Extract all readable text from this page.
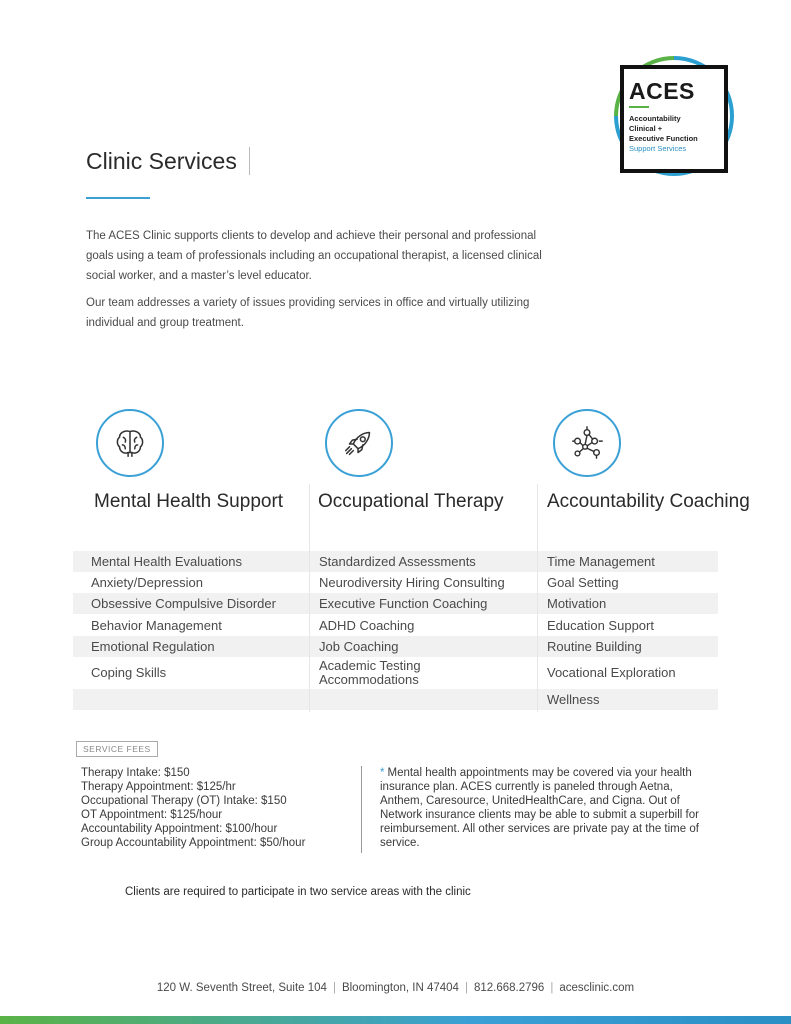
ACES
Accountability
Clinical +
Executive Function
Support Services
Clinic Services

The ACES Clinic supports clients to develop and achieve their personal and professional goals using a team of professionals including an occupational therapist, a licensed clinical social worker, and a master’s level educator.

Our team addresses a variety of issues providing services in office and virtually utilizing individual and group treatment.

Mental Health Support	Occupational Therapy	Accountability Coaching
Mental Health Evaluations
Anxiety/Depression
Obsessive Compulsive Disorder
Behavior Management
Emotional Regulation
Coping Skills
Standardized Assessments
Neurodiversity Hiring Consulting
Executive Function Coaching
ADHD Coaching
Job Coaching
Academic Testing Accommodations
Time Management
Goal Setting
Motivation
Education Support
Routine Building
Vocational Exploration
Wellness
SERVICE FEES
Therapy Intake: $150
Therapy Appointment: $125/hr
Occupational Therapy (OT) Intake: $150
OT Appointment: $125/hour
Accountability Appointment: $100/hour
Group Accountability Appointment: $50/hour
* Mental health appointments may be covered via your health insurance plan. ACES currently is paneled through Aetna, Anthem, Caresource, UnitedHealthCare, and Cigna. Out of Network insurance clients may be able to submit a superbill for reimbursement. All other services are private pay at the time of service.
Clients are required to participate in two service areas with the clinic
120 W. Seventh Street, Suite 104 | Bloomington, IN 47404 | 812.668.2796 | acesclinic.com
